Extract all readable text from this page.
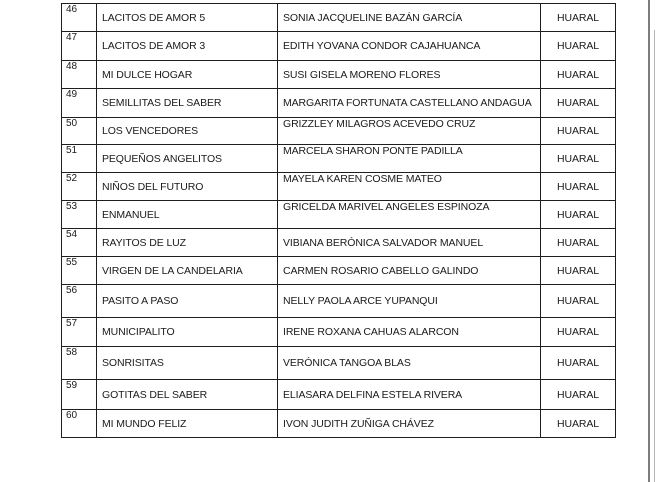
46	LACITOS DE AMOR 5	SONIA JACQUELINE BAZÁN GARCÍA	HUARAL
47	LACITOS DE AMOR 3	EDITH YOVANA CONDOR CAJAHUANCA	HUARAL
48	MI DULCE HOGAR	SUSI GISELA MORENO FLORES	HUARAL
49	SEMILLITAS DEL SABER	MARGARITA FORTUNATA CASTELLANO ANDAGUA	HUARAL
50	LOS VENCEDORES	GRIZZLEY MILAGROS ACEVEDO CRUZ	HUARAL
51	PEQUEÑOS ANGELITOS	MARCELA SHARON PONTE PADILLA	HUARAL
52	NIÑOS DEL FUTURO	MAYELA KAREN COSME MATEO	HUARAL
53	ENMANUEL	GRICELDA MARIVEL ANGELES ESPINOZA	HUARAL
54	RAYITOS DE LUZ	VIBIANA BERÓNICA SALVADOR MANUEL	HUARAL
55	VIRGEN DE LA CANDELARIA	CARMEN ROSARIO CABELLO GALINDO	HUARAL
56	PASITO A PASO	NELLY PAOLA ARCE YUPANQUI	HUARAL
57	MUNICIPALITO	IRENE ROXANA CAHUAS ALARCON	HUARAL
58	SONRISITAS	VERÓNICA TANGOA BLAS	HUARAL
59	GOTITAS DEL SABER	ELIASARA DELFINA ESTELA RIVERA	HUARAL
60	MI MUNDO FELIZ	IVON JUDITH ZUÑIGA CHÁVEZ	HUARAL
